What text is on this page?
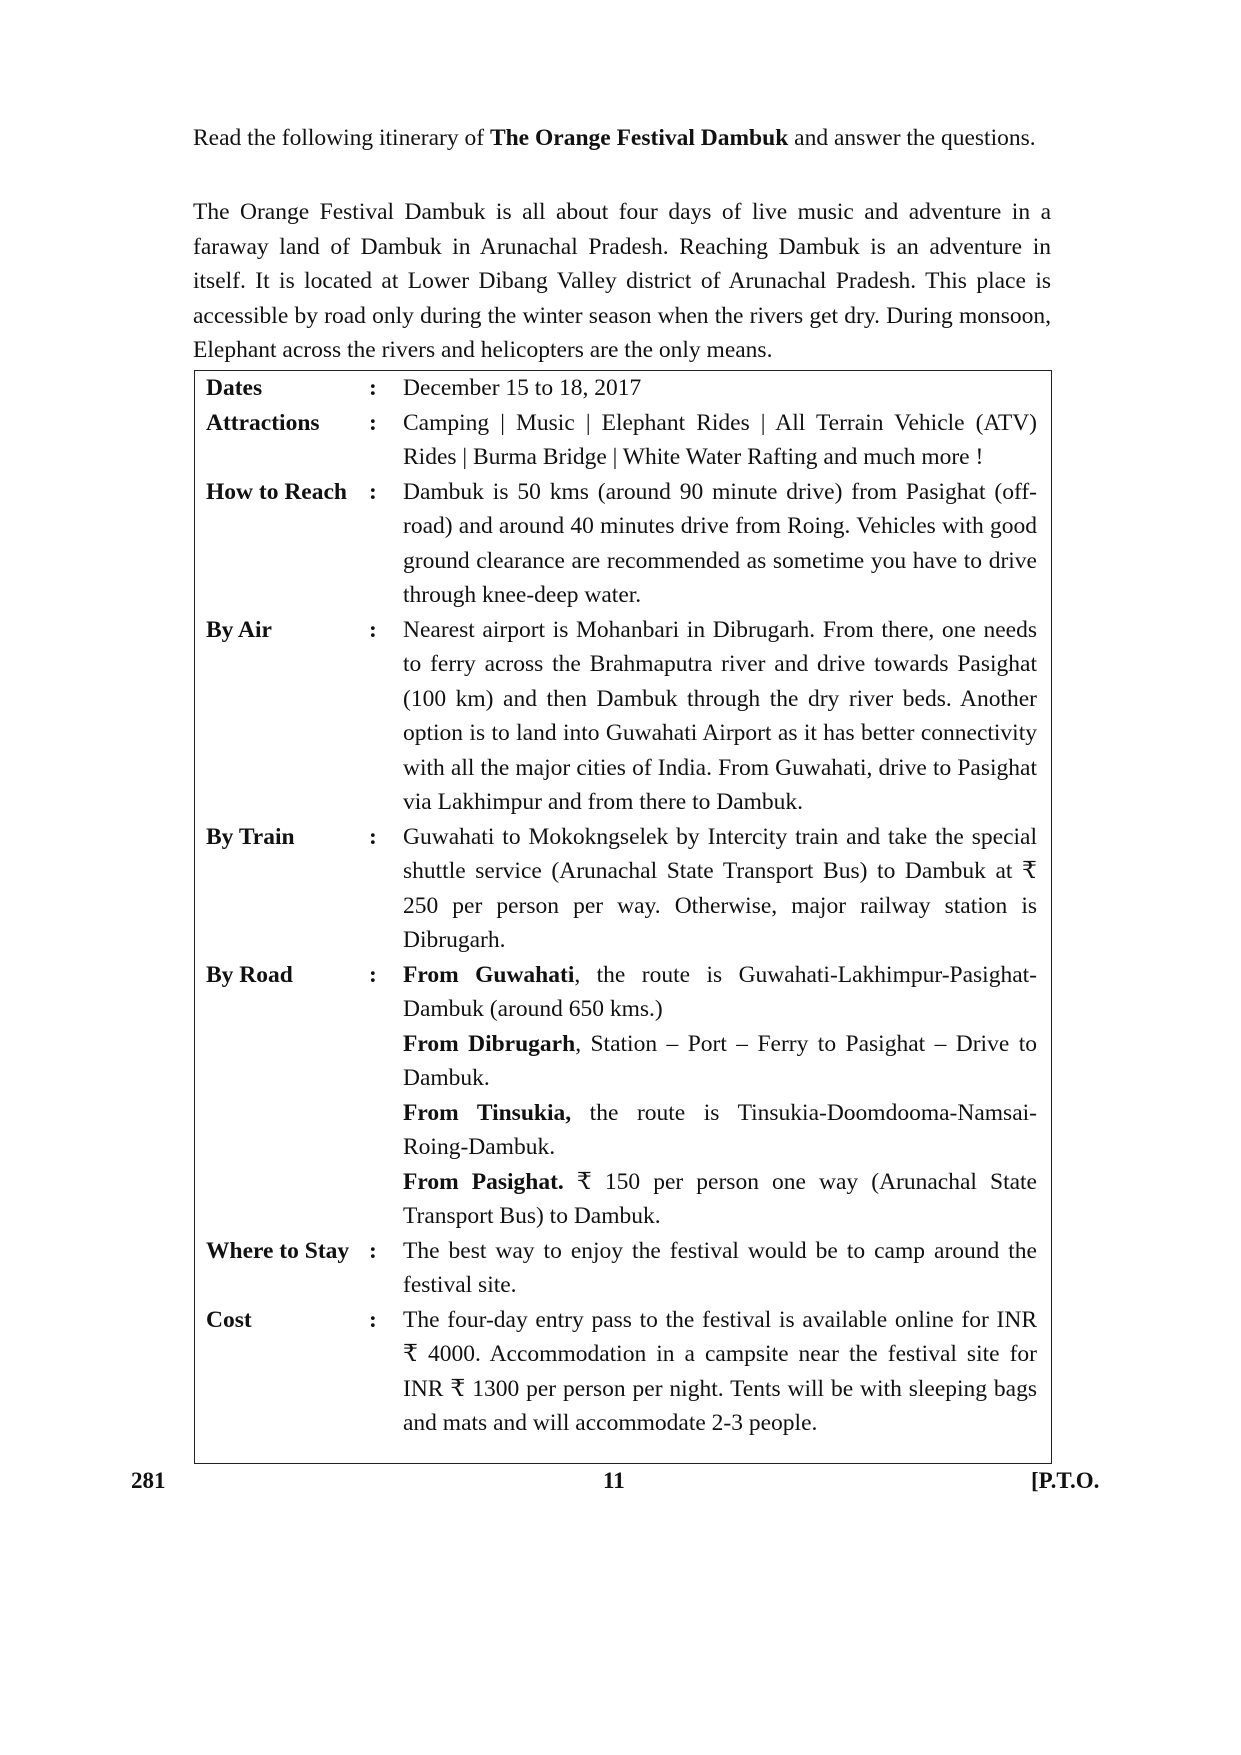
Read the following itinerary of The Orange Festival Dambuk and answer the questions.

The Orange Festival Dambuk is all about four days of live music and adventure in a faraway land of Dambuk in Arunachal Pradesh. Reaching Dambuk is an adventure in itself. It is located at Lower Dibang Valley district of Arunachal Pradesh. This place is accessible by road only during the winter season when the rivers get dry. During monsoon, Elephant across the rivers and helicopters are the only means.

Dates	:	December 15 to 18, 2017
Attractions	:	Camping | Music | Elephant Rides | All Terrain Vehicle (ATV) Rides | Burma Bridge | White Water Rafting and much more !
How to Reach :	Dambuk is 50 kms (around 90 minute drive) from Pasighat (off-road) and around 40 minutes drive from Roing. Vehicles with good ground clearance are recommended as sometime you have to drive through knee-deep water.
By Air	:	Nearest airport is Mohanbari in Dibrugarh. From there, one needs to ferry across the Brahmaputra river and drive towards Pasighat (100 km) and then Dambuk through the dry river beds. Another option is to land into Guwahati Airport as it has better connectivity with all the major cities of India. From Guwahati, drive to Pasighat via Lakhimpur and from there to Dambuk.
By Train	:	Guwahati to Mokokngselek by Intercity train and take the special shuttle service (Arunachal State Transport Bus) to Dambuk at ₹ 250 per person per way. Otherwise, major railway station is Dibrugarh.
By Road	:	From Guwahati, the route is Guwahati-Lakhimpur-Pasighat-Dambuk (around 650 kms.)

From Dibrugarh, Station – Port – Ferry to Pasighat – Drive to Dambuk.

From Tinsukia, the route is Tinsukia-Doomdooma-Namsai-Roing-Dambuk.

From Pasighat. ₹ 150 per person one way (Arunachal State Transport Bus) to Dambuk.

Where to Stay :	The best way to enjoy the festival would be to camp around the festival site.
Cost	:	The four-day entry pass to the festival is available online for INR ₹ 4000. Accommodation in a campsite near the festival site for INR ₹ 1300 per person per night. Tents will be with sleeping bags and mats and will accommodate 2-3 people.
281	11	[P.T.O.
